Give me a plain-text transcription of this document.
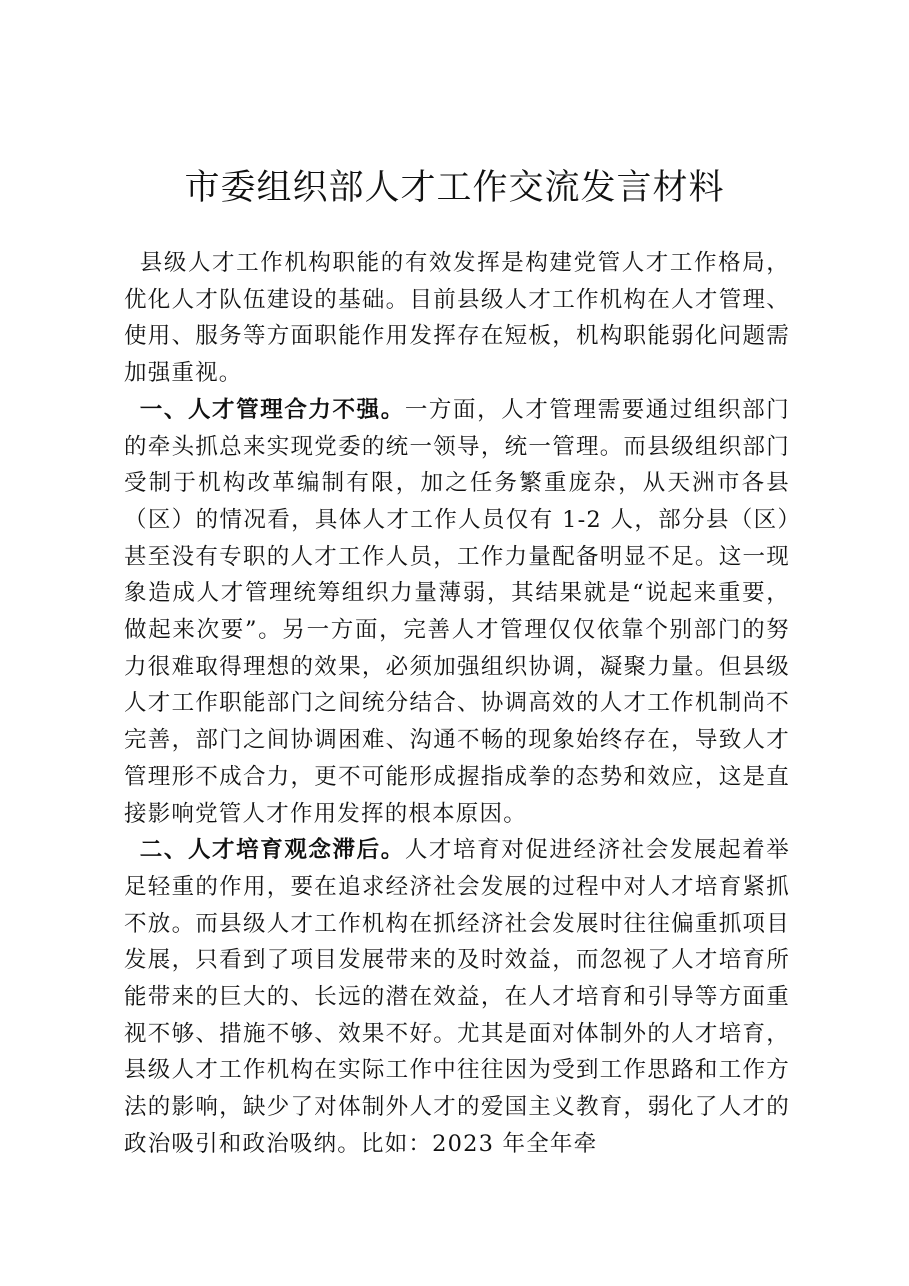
市委组织部人才工作交流发言材料

县级人才工作机构职能的有效发挥是构建党管人才工作格局，优化人才队伍建设的基础。目前县级人才工作机构在人才管理、使用、服务等方面职能作用发挥存在短板，机构职能弱化问题需加强重视。

一、人才管理合力不强。一方面，人才管理需要通过组织部门的牵头抓总来实现党委的统一领导，统一管理。而县级组织部门受制于机构改革编制有限，加之任务繁重庞杂，从天洲市各县（区）的情况看，具体人才工作人员仅有 1-2 人，部分县（区）甚至没有专职的人才工作人员，工作力量配备明显不足。这一现象造成人才管理统筹组织力量薄弱，其结果就是“说起来重要，做起来次要”。另一方面，完善人才管理仅仅依靠个别部门的努力很难取得理想的效果，必须加强组织协调，凝聚力量。但县级人才工作职能部门之间统分结合、协调高效的人才工作机制尚不完善，部门之间协调困难、沟通不畅的现象始终存在，导致人才管理形不成合力，更不可能形成握指成拳的态势和效应，这是直接影响党管人才作用发挥的根本原因。

二、人才培育观念滞后。人才培育对促进经济社会发展起着举足轻重的作用，要在追求经济社会发展的过程中对人才培育紧抓不放。而县级人才工作机构在抓经济社会发展时往往偏重抓项目发展，只看到了项目发展带来的及时效益，而忽视了人才培育所能带来的巨大的、长远的潜在效益，在人才培育和引导等方面重视不够、措施不够、效果不好。尤其是面对体制外的人才培育，县级人才工作机构在实际工作中往往因为受到工作思路和工作方法的影响，缺少了对体制外人才的爱国主义教育，弱化了人才的政治吸引和政治吸纳。比如：2023 年全年牵
